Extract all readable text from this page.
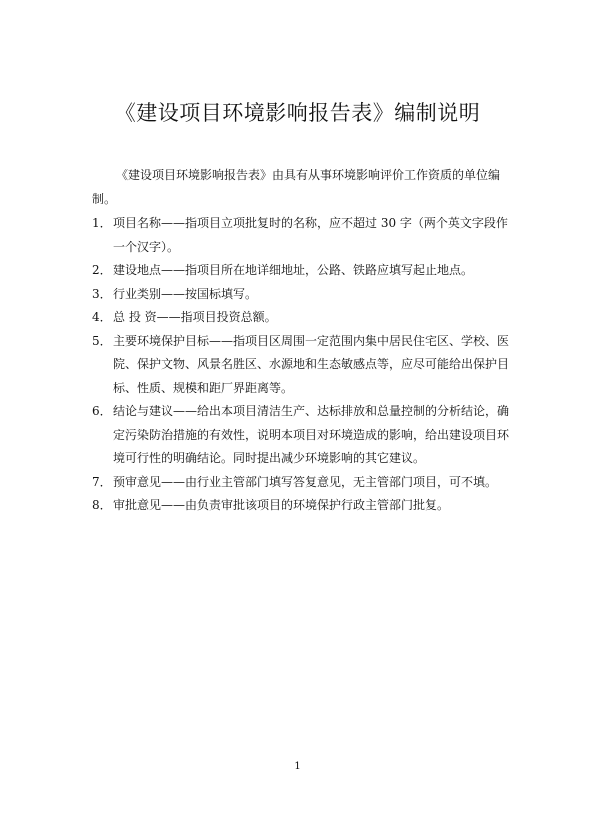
《建设项目环境影响报告表》编制说明

《建设项目环境影响报告表》由具有从事环境影响评价工作资质的单位编制。

1． 项目名称——指项目立项批复时的名称，应不超过 30 字（两个英文字段作一个汉字）。
2． 建设地点——指项目所在地详细地址，公路、铁路应填写起止地点。
3． 行业类别——按国标填写。
4． 总 投 资——指项目投资总额。
5． 主要环境保护目标——指项目区周围一定范围内集中居民住宅区、学校、医院、保护文物、风景名胜区、水源地和生态敏感点等，应尽可能给出保护目标、性质、规模和距厂界距离等。
6． 结论与建议——给出本项目清洁生产、达标排放和总量控制的分析结论，确定污染防治措施的有效性，说明本项目对环境造成的影响，给出建设项目环境可行性的明确结论。同时提出减少环境影响的其它建议。
7． 预审意见——由行业主管部门填写答复意见，无主管部门项目，可不填。
8． 审批意见——由负责审批该项目的环境保护行政主管部门批复。
1
